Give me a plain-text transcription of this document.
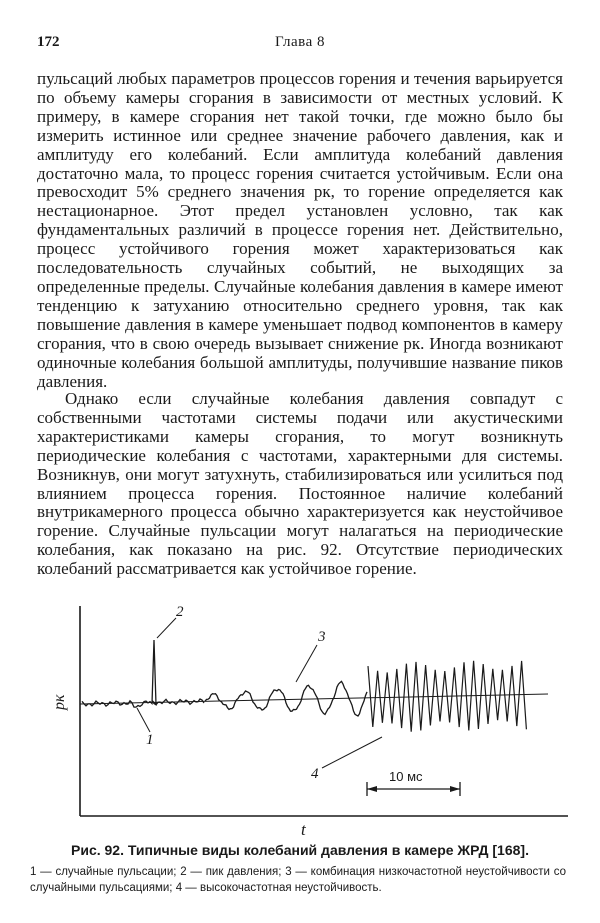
172	Глава 8

пульсаций любых параметров процессов горения и течения варьируется по объему камеры сгорания в зависимости от местных условий. К примеру, в камере сгорания нет такой точки, где можно было бы измерить истинное или среднее значение рабочего давления, как и амплитуду его колебаний. Если амплитуда колебаний давления достаточно мала, то процесс горения считается устойчивым. Если она превосходит 5% среднего значения pк, то горение определяется как нестационарное. Этот предел установлен условно, так как фундаментальных различий в процессе горения нет. Действительно, процесс устойчивого горения может характеризоваться как последовательность случайных событий, не выходящих за определенные пределы. Случайные колебания давления в камере имеют тенденцию к затуханию относительно среднего уровня, так как повышение давления в камере уменьшает подвод компонентов в камеру сгорания, что в свою очередь вызывает снижение pк. Иногда возникают одиночные колебания большой амплитуды, получившие название пиков давления.

Однако если случайные колебания давления совпадут с собственными частотами системы подачи или акустическими характеристиками камеры сгорания, то могут возникнуть периодические колебания с частотами, характерными для системы. Возникнув, они могут затухнуть, стабилизироваться или усилиться под влиянием процесса горения. Постоянное наличие колебаний внутрикамерного процесса обычно характеризуется как неустойчивое горение. Случайные пульсации могут налагаться на периодические колебания, как показано на рис. 92. Отсутствие периодических колебаний рассматривается как устойчивое горение.

pк
t
1
2
3
4	10 мс
Рис. 92. Типичные виды колебаний давления в камере ЖРД [168].
1 — случайные пульсации; 2 — пик давления; 3 — комбинация низкочастотной неустойчивости со случайными пульсациями; 4 — высокочастотная неустойчивость.
